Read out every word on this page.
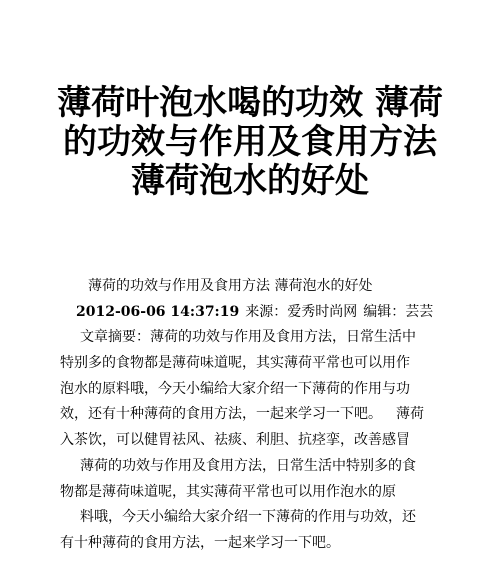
薄荷叶泡水喝的功效 薄荷
的功效与作用及食用方法
薄荷泡水的好处
薄荷的功效与作用及食用方法 薄荷泡水的好处
2012-06-06 14:37:19 来源：爱秀时尚网 编辑：芸芸
文章摘要：薄荷的功效与作用及食用方法，日常生活中
特别多的食物都是薄荷味道呢，其实薄荷平常也可以用作
泡水的原料哦，今天小编给大家介绍一下薄荷的作用与功
效，还有十种薄荷的食用方法，一起来学习一下吧。 薄荷
入茶饮，可以健胃祛风、祛痰、利胆、抗痉挛，改善感冒
薄荷的功效与作用及食用方法，日常生活中特别多的食
物都是薄荷味道呢，其实薄荷平常也可以用作泡水的原
料哦，今天小编给大家介绍一下薄荷的作用与功效，还
有十种薄荷的食用方法，一起来学习一下吧。
